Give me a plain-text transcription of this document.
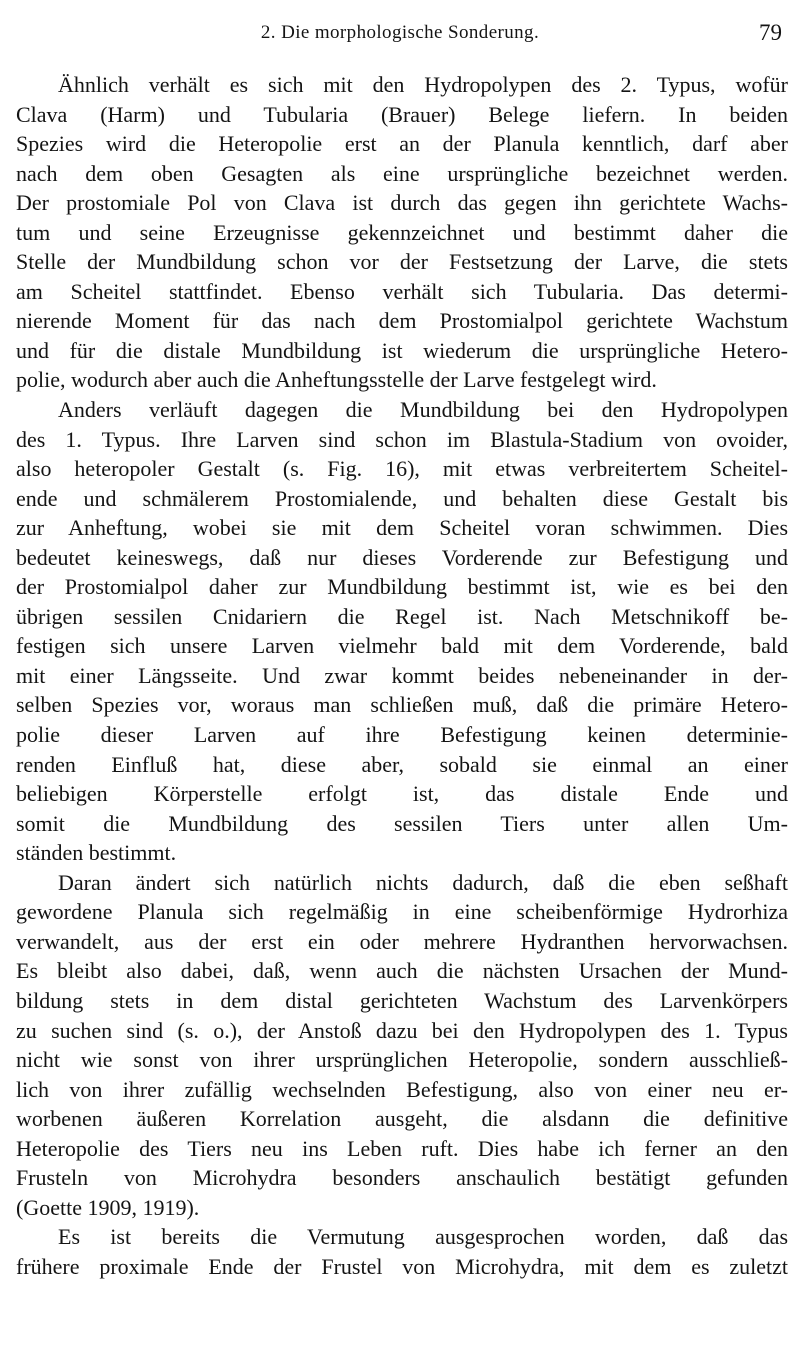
2. Die morphologische Sonderung.	79
Ähnlich verhält es sich mit den Hydropolypen des 2. Typus, wofür
Clava (Harm) und Tubularia (Brauer) Belege liefern. In beiden
Spezies wird die Heteropolie erst an der Planula kenntlich, darf aber
nach dem oben Gesagten als eine ursprüngliche bezeichnet werden.
Der prostomiale Pol von Clava ist durch das gegen ihn gerichtete Wachs-
tum und seine Erzeugnisse gekennzeichnet und bestimmt daher die
Stelle der Mundbildung schon vor der Festsetzung der Larve, die stets
am Scheitel stattfindet. Ebenso verhält sich Tubularia. Das determi-
nierende Moment für das nach dem Prostomialpol gerichtete Wachstum
und für die distale Mundbildung ist wiederum die ursprüngliche Hetero-
polie, wodurch aber auch die Anheftungsstelle der Larve festgelegt wird.
Anders verläuft dagegen die Mundbildung bei den Hydropolypen
des 1. Typus. Ihre Larven sind schon im Blastula-Stadium von ovoider,
also heteropoler Gestalt (s. Fig. 16), mit etwas verbreitertem Scheitel-
ende und schmälerem Prostomialende, und behalten diese Gestalt bis
zur Anheftung, wobei sie mit dem Scheitel voran schwimmen. Dies
bedeutet keineswegs, daß nur dieses Vorderende zur Befestigung und
der Prostomialpol daher zur Mundbildung bestimmt ist, wie es bei den
übrigen sessilen Cnidariern die Regel ist. Nach Metschnikoff be-
festigen sich unsere Larven vielmehr bald mit dem Vorderende, bald
mit einer Längsseite. Und zwar kommt beides nebeneinander in der-
selben Spezies vor, woraus man schließen muß, daß die primäre Hetero-
polie dieser Larven auf ihre Befestigung keinen determinie-
renden Einfluß hat, diese aber, sobald sie einmal an einer
beliebigen Körperstelle erfolgt ist, das distale Ende und
somit die Mundbildung des sessilen Tiers unter allen Um-
ständen bestimmt.
Daran ändert sich natürlich nichts dadurch, daß die eben seßhaft
gewordene Planula sich regelmäßig in eine scheibenförmige Hydrorhiza
verwandelt, aus der erst ein oder mehrere Hydranthen hervorwachsen.
Es bleibt also dabei, daß, wenn auch die nächsten Ursachen der Mund-
bildung stets in dem distal gerichteten Wachstum des Larvenkörpers
zu suchen sind (s. o.), der Anstoß dazu bei den Hydropolypen des 1. Typus
nicht wie sonst von ihrer ursprünglichen Heteropolie, sondern ausschließ-
lich von ihrer zufällig wechselnden Befestigung, also von einer neu er-
worbenen äußeren Korrelation ausgeht, die alsdann die definitive
Heteropolie des Tiers neu ins Leben ruft. Dies habe ich ferner an den
Frusteln von Microhydra besonders anschaulich bestätigt gefunden
(Goette 1909, 1919).
Es ist bereits die Vermutung ausgesprochen worden, daß das
frühere proximale Ende der Frustel von Microhydra, mit dem es zuletzt
